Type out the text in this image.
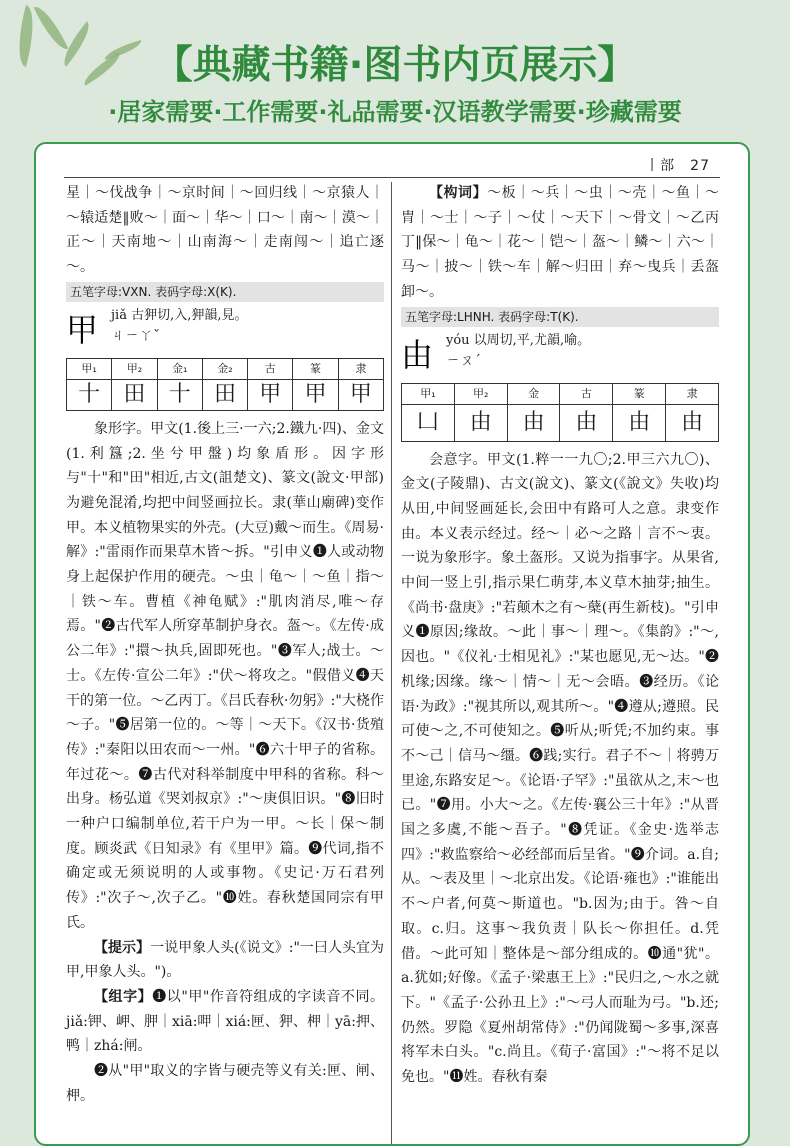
【典藏书籍·图书内页展示】
·居家需要·工作需要·礼品需要·汉语教学需要·珍藏需要
丨部　27

星｜～伐战争｜～京时间｜～回归线｜～京猿人｜～辕适楚‖败～｜面～｜华～｜口～｜南～｜漠～｜正～｜天南地～｜山南海～｜走南闯～｜追亡逐～。

五笔字母:VXN. 表码字母:X(K).
甲 jiǎ 古狎切,入,狎韻,見。
ㄐㄧㄚˇ
甲₁	甲₂	金₁	金₂	古	篆	隶
十	田	十	田	甲	甲	甲

象形字。甲文(1.後上三·一六;2.鐵九·四)、金文(1.利簋;2.坐兮甲盤)均象盾形。因字形与"十"和"田"相近,古文(詛楚文)、篆文(說文·甲部)为避免混淆,均把中间竖画拉长。隶(華山廟碑)变作甲。本义植物果实的外壳。(大豆)戴～而生。《周易·解》:"雷雨作而果草木皆～拆。"引申义❶人或动物身上起保护作用的硬壳。～虫｜龟～｜～鱼｜指～｜铁～车。曹植《神龟赋》:"肌肉消尽,唯～存焉。"❷古代军人所穿革制护身衣。盔～。《左传·成公二年》:"擐～执兵,固即死也。"❸军人;战士。～士。《左传·宣公二年》:"伏～将攻之。"假借义❹天干的第一位。～乙丙丁。《吕氏春秋·勿躬》:"大桡作～子。"❺居第一位的。～等｜～天下。《汉书·货殖传》:"秦阳以田农而～一州。"❻六十甲子的省称。年过花～。❼古代对科举制度中甲科的省称。科～出身。杨弘道《哭刘叔京》:"～庚俱旧识。"❽旧时一种户口编制单位,若干户为一甲。～长｜保～制度。顾炎武《日知录》有《里甲》篇。❾代词,指不确定或无须说明的人或事物。《史记·万石君列传》:"次子～,次子乙。"❿姓。春秋楚国同宗有甲氏。

【提示】一说甲象人头(《说文》:"一曰人头宜为甲,甲象人头。")。

【组字】❶以"甲"作音符组成的字读音不同。jiǎ:钾、岬、胛｜xiā:呷｜xiá:匣、狎、柙｜yā:押、鸭｜zhá:闸。

❷从"甲"取义的字皆与硬壳等义有关:匣、闸、柙。

【构词】～板｜～兵｜～虫｜～壳｜～鱼｜～胄｜～士｜～子｜～仗｜～天下｜～骨文｜～乙丙丁‖保～｜龟～｜花～｜铠～｜盔～｜鳞～｜六～｜马～｜披～｜铁～车｜解～归田｜弃～曳兵｜丢盔卸～。

五笔字母:LHNH. 表码字母:T(K).
由 yóu 以周切,平,尤韻,喻。
ㄧㄡˊ
甲₁	甲₂	金	古	篆	隶
凵	由	由	由	由	由

会意字。甲文(1.粹一一九〇;2.甲三六九〇)、金文(子陵鼎)、古文(說文)、篆文(《說文》失收)均从田,中间竖画延长,会田中有路可人之意。隶变作由。本义表示经过。经～｜必～之路｜言不～衷。一说为象形字。象土盔形。又说为指事字。从果省,中间一竖上引,指示果仁萌芽,本义草木抽芽;抽生。《尚书·盘庚》:"若颠木之有～蘖(再生新枝)。"引申义❶原因;缘故。～此｜事～｜理～。《集韵》:"～,因也。"《仪礼·士相见礼》:"某也愿见,无～达。"❷机缘;因缘。缘～｜情～｜无～会晤。❸经历。《论语·为政》:"视其所以,观其所～。"❹遵从;遵照。民可使～之,不可使知之。❺听从;听凭;不加约束。事不～己｜信马～缰。❻践;实行。君子不～｜将骋万里途,东路安足～。《论语·子罕》:"虽欲从之,末～也已。"❼用。小大～之。《左传·襄公三十年》:"从晋国之多虞,不能～吾子。"❽凭证。《金史·选举志四》:"救监察给～必经部而后呈省。"❾介词。a.自;从。～表及里｜～北京出发。《论语·雍也》:"谁能出不～户者,何莫～斯道也。"b.因为;由于。咎～自取。c.归。这事～我负责｜队长～你担任。d.凭借。～此可知｜整体是～部分组成的。❿通"犹"。a.犹如;好像。《孟子·梁惠王上》:"民归之,～水之就下。"《孟子·公孙丑上》:"～弓人而耻为弓。"b.还;仍然。罗隐《夏州胡常侍》:"仍闻陇蜀～多事,深喜将军未白头。"c.尚且。《荀子·富国》:"～将不足以免也。"⓫姓。春秋有秦
